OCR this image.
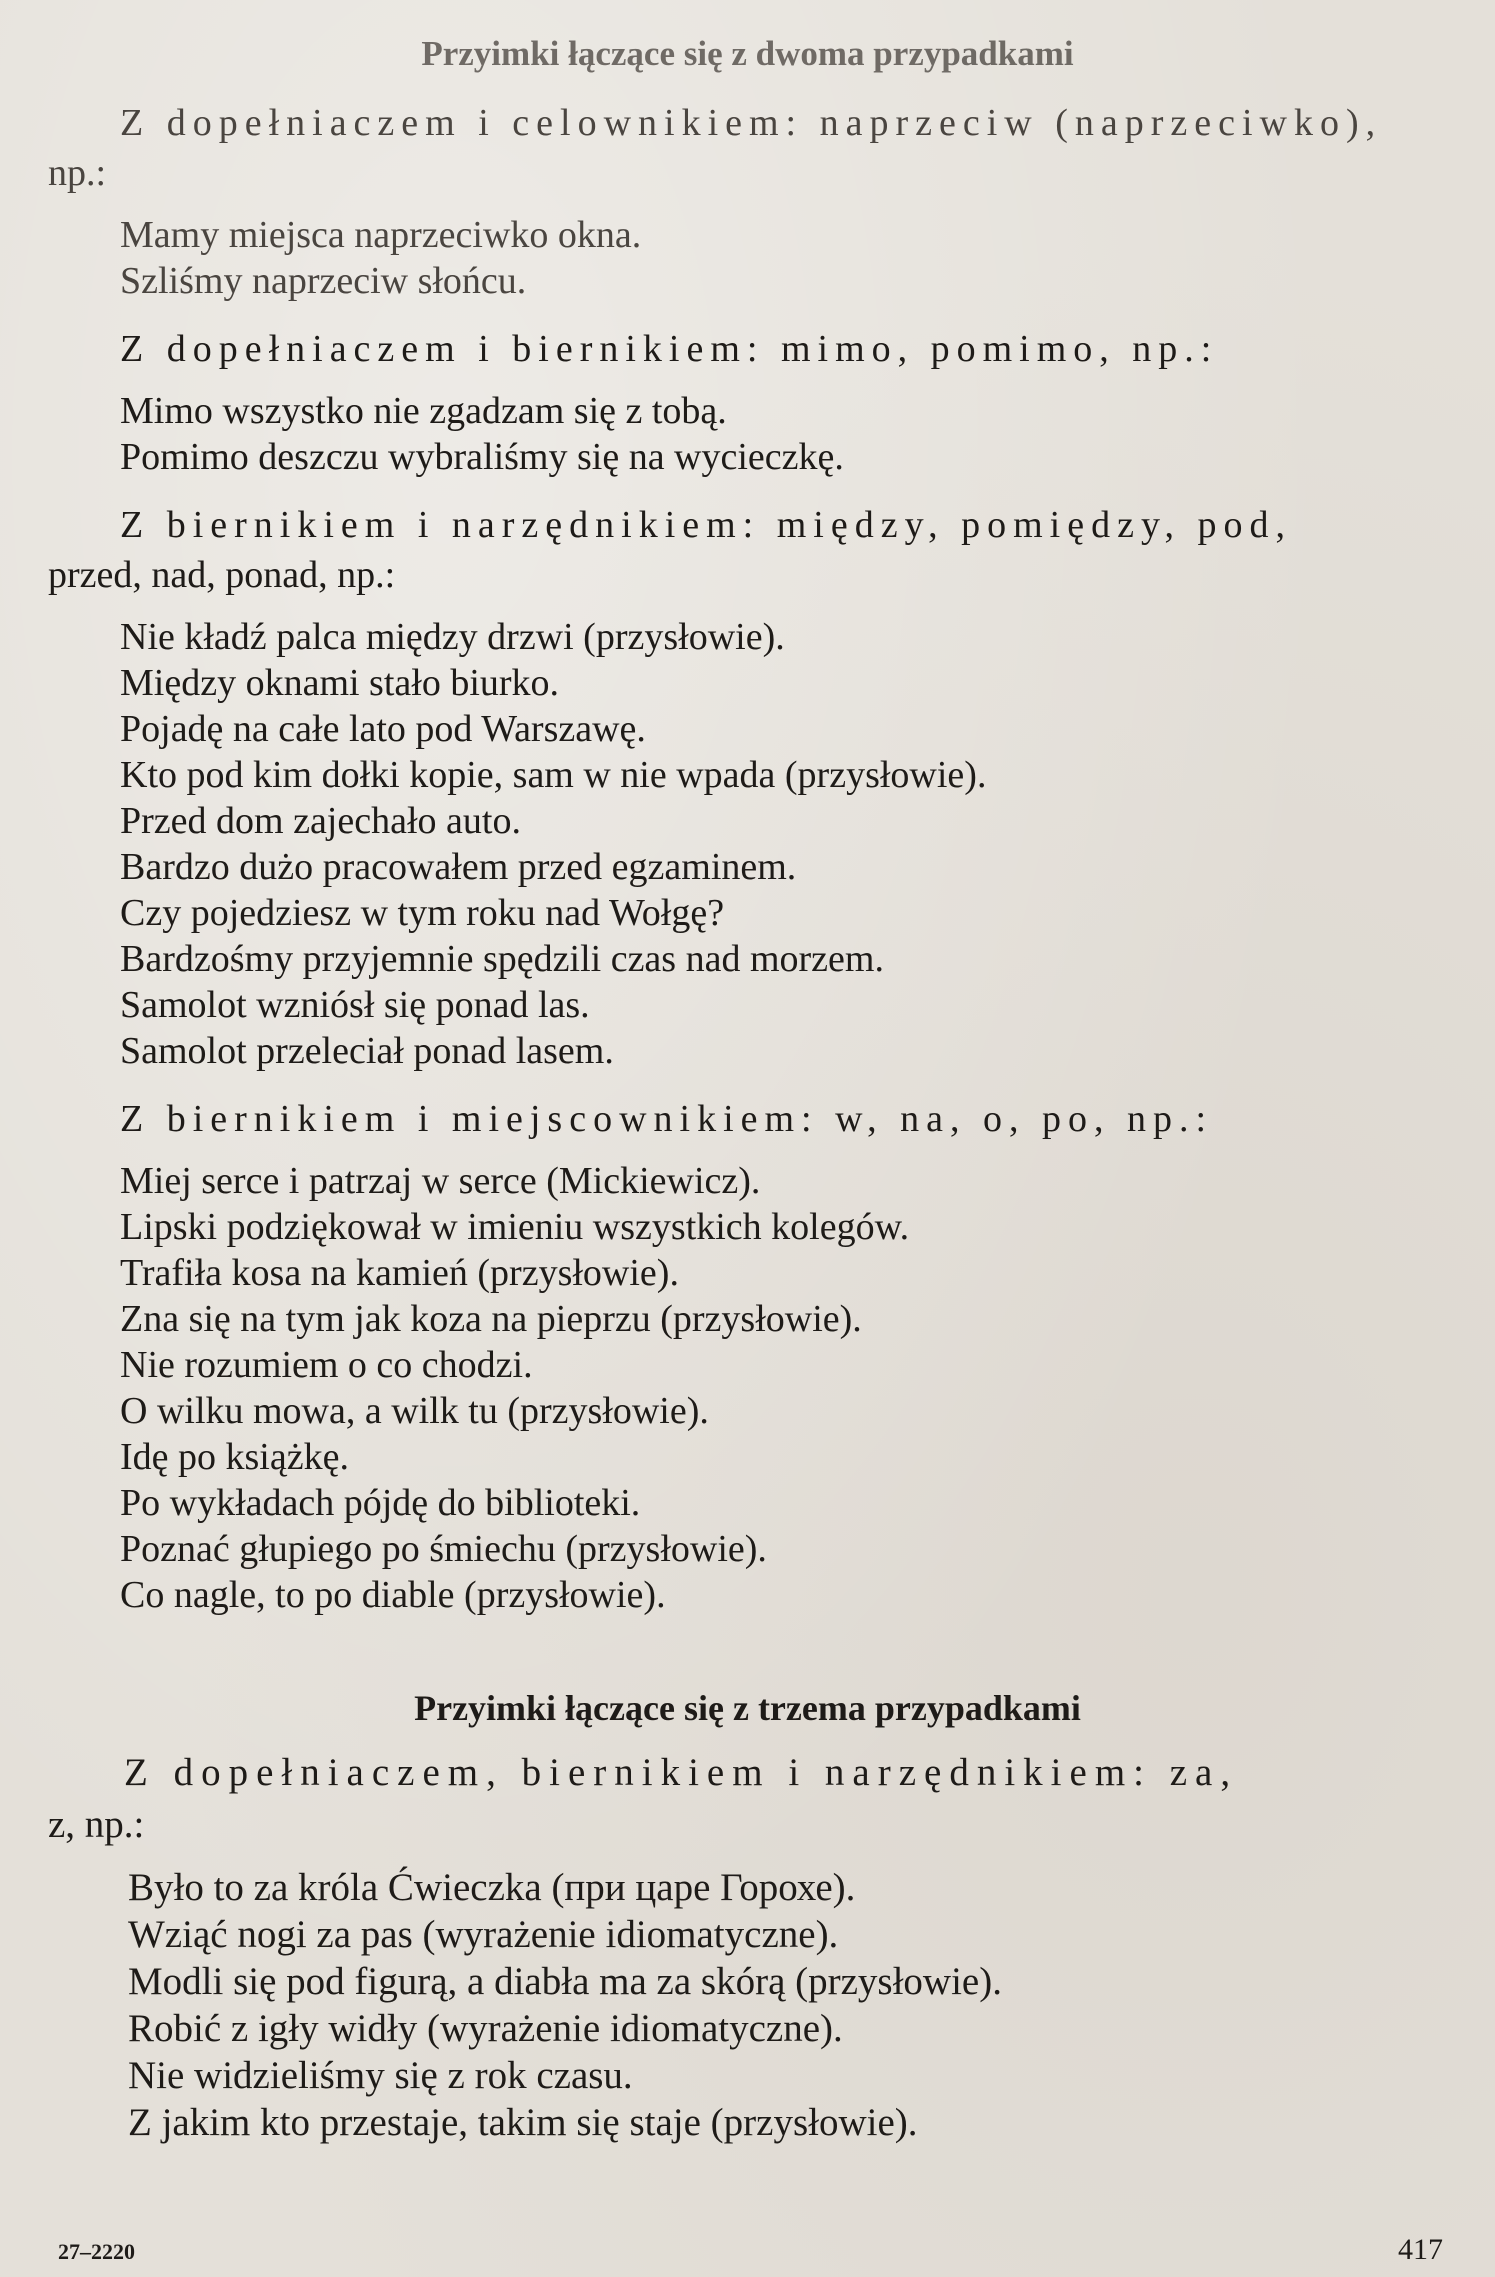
Przyimki łączące się z dwoma przypadkami
Z dopełniaczem i celownikiem: naprzeciw (naprzeciwko),
np.:
Mamy miejsca naprzeciwko okna.
Szliśmy naprzeciw słońcu.
Z dopełniaczem i biernikiem: mimo, pomimo, np.:
Mimo wszystko nie zgadzam się z tobą.
Pomimo deszczu wybraliśmy się na wycieczkę.
Z biernikiem i narzędnikiem: między, pomiędzy, pod,
przed, nad, ponad, np.:
Nie kładź palca między drzwi (przysłowie).
Między oknami stało biurko.
Pojadę na całe lato pod Warszawę.
Kto pod kim dołki kopie, sam w nie wpada (przysłowie).
Przed dom zajechało auto.
Bardzo dużo pracowałem przed egzaminem.
Czy pojedziesz w tym roku nad Wołgę?
Bardzośmy przyjemnie spędzili czas nad morzem.
Samolot wzniósł się ponad las.
Samolot przeleciał ponad lasem.
Z biernikiem i miejscownikiem: w, na, o, po, np.:
Miej serce i patrzaj w serce (Mickiewicz).
Lipski podziękował w imieniu wszystkich kolegów.
Trafiła kosa na kamień (przysłowie).
Zna się na tym jak koza na pieprzu (przysłowie).
Nie rozumiem o co chodzi.
O wilku mowa, a wilk tu (przysłowie).
Idę po książkę.
Po wykładach pójdę do biblioteki.
Poznać głupiego po śmiechu (przysłowie).
Co nagle, to po diable (przysłowie).
Przyimki łączące się z trzema przypadkami
Z dopełniaczem, biernikiem i narzędnikiem: za,
z, np.:
Było to za króla Ćwieczka (при царе Горохе).
Wziąć nogi za pas (wyrażenie idiomatyczne).
Modli się pod figurą, a diabła ma za skórą (przysłowie).
Robić z igły widły (wyrażenie idiomatyczne).
Nie widzieliśmy się z rok czasu.
Z jakim kto przestaje, takim się staje (przysłowie).
27–2220	417
